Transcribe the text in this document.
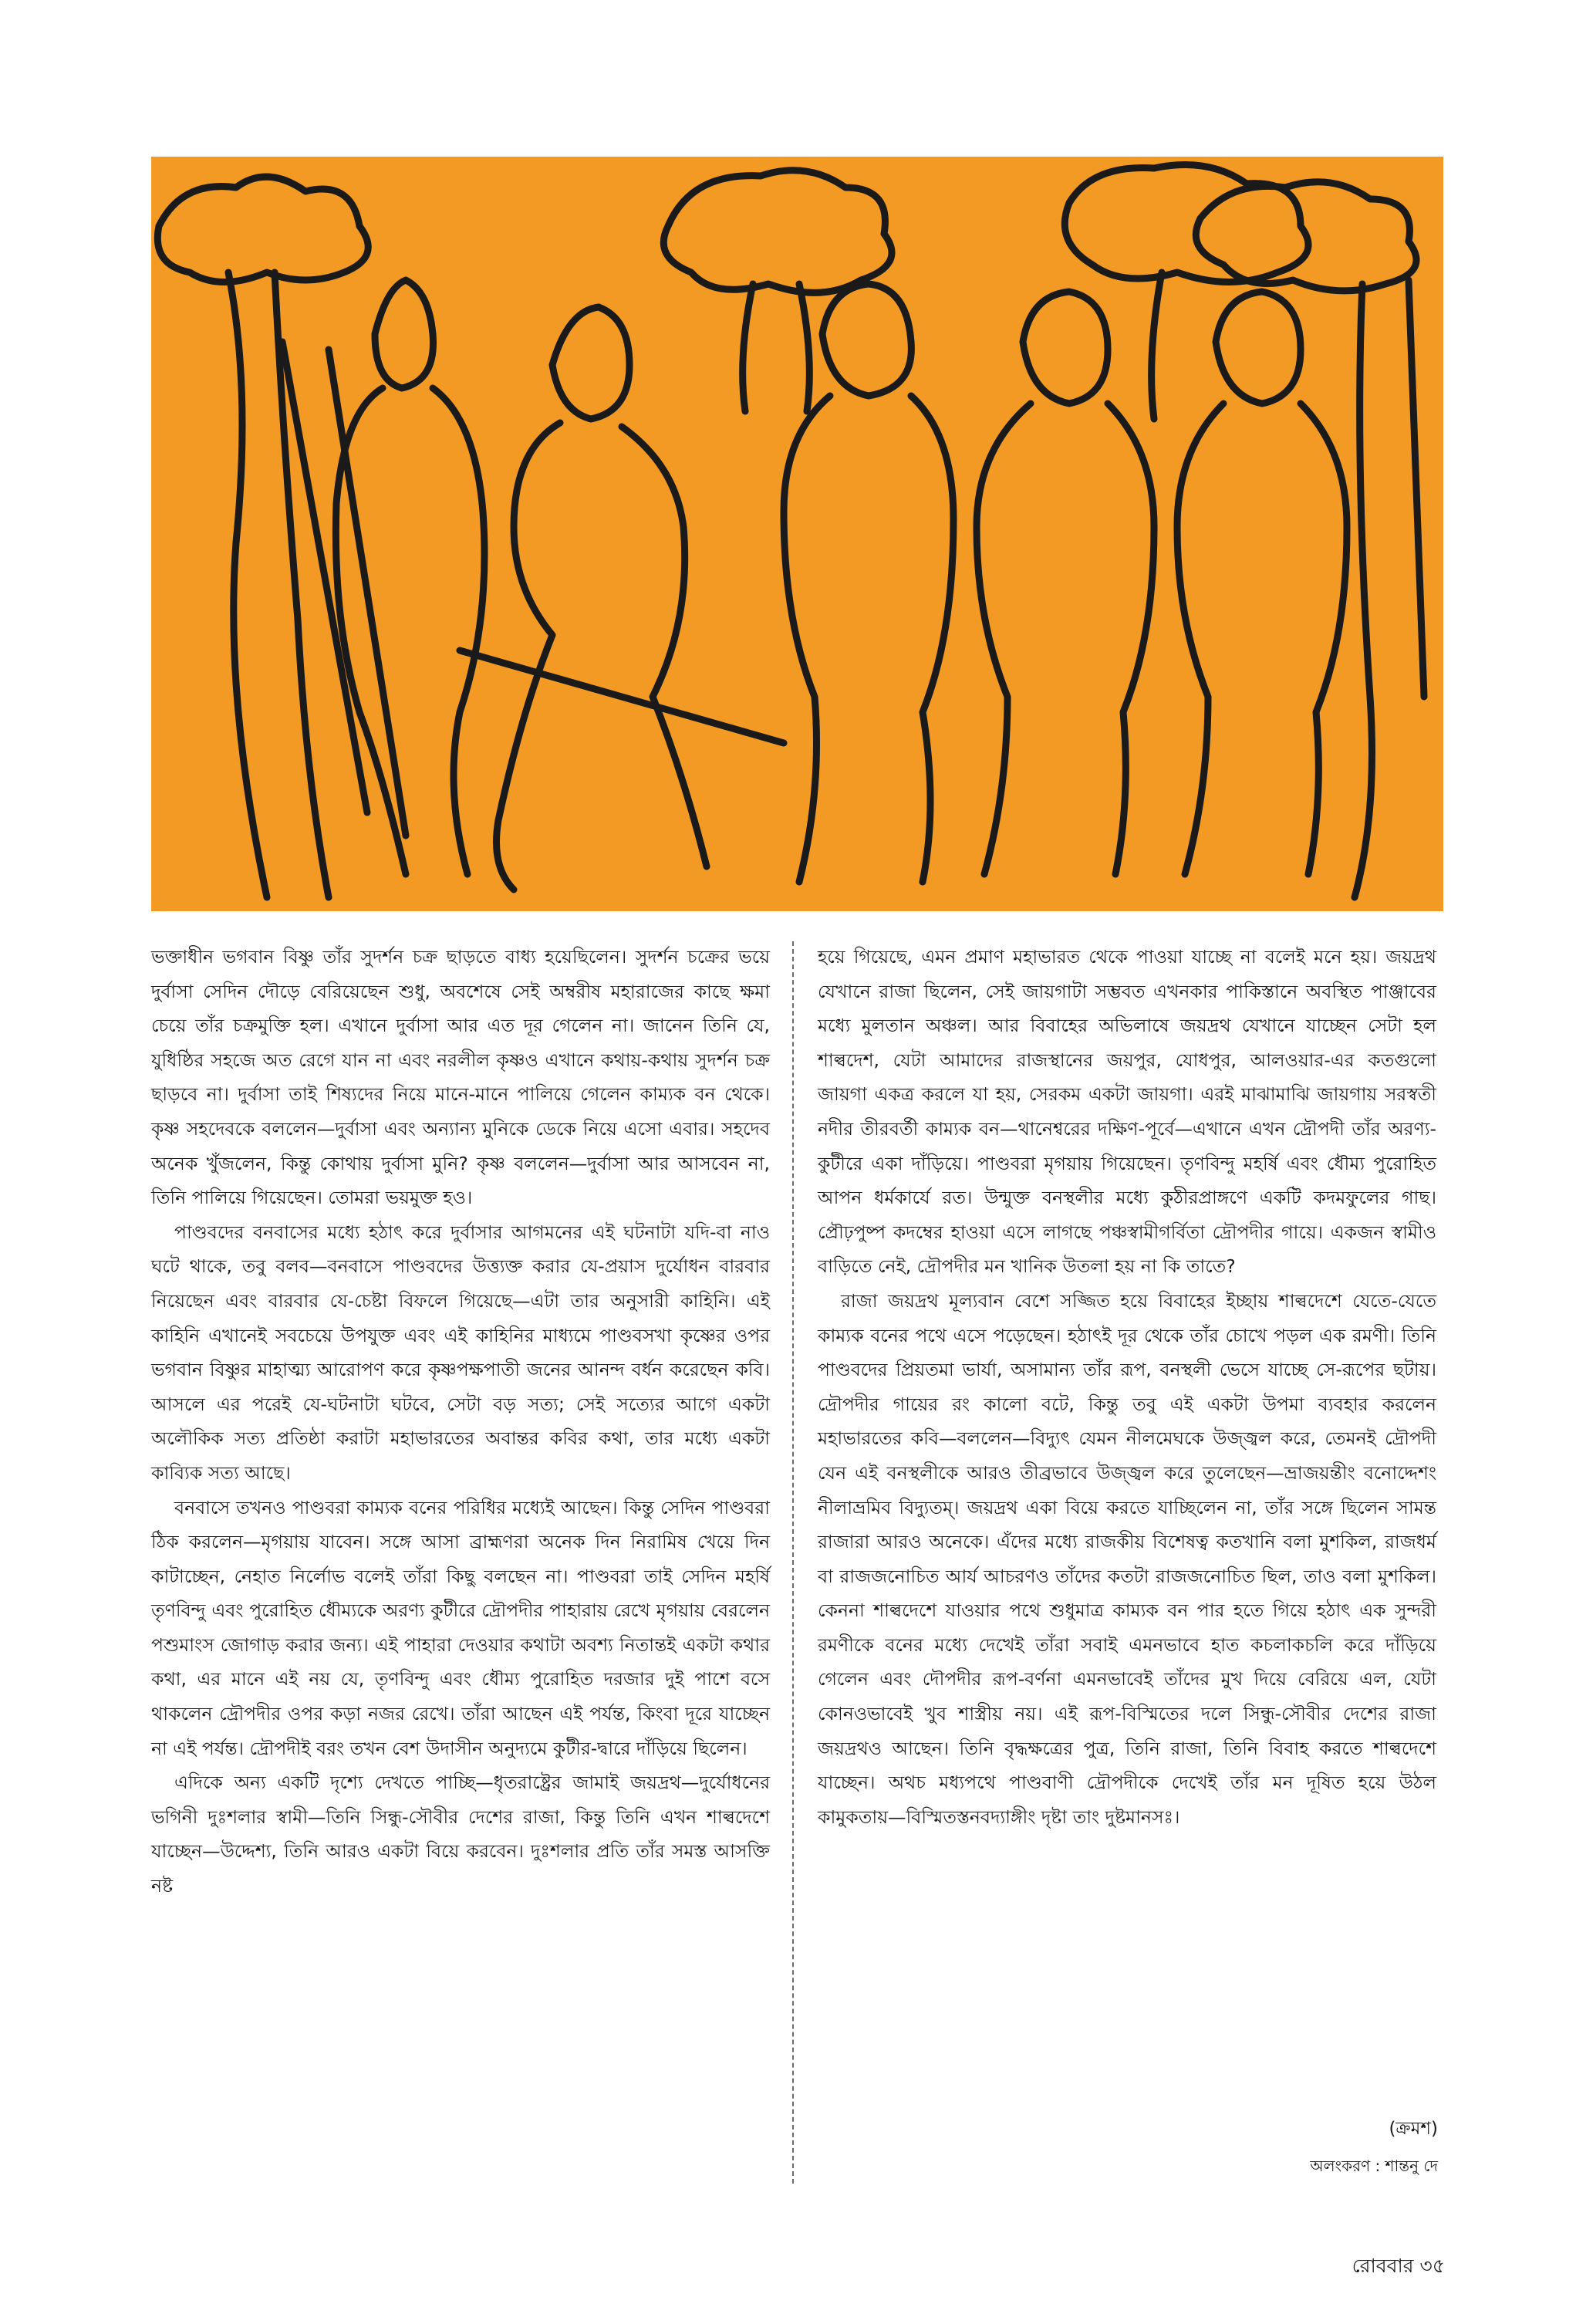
ভক্তাধীন ভগবান বিষ্ণু তাঁর সুদর্শন চক্র ছাড়তে বাধ্য হয়েছিলেন। সুদর্শন চক্রের ভয়ে দুর্বাসা সেদিন দৌড়ে বেরিয়েছেন শুধু, অবশেষে সেই অম্বরীষ মহারাজের কাছে ক্ষমা চেয়ে তাঁর চক্রমুক্তি হল। এখানে দুর্বাসা আর এত দূর গেলেন না। জানেন তিনি যে, যুধিষ্ঠির সহজে অত রেগে যান না এবং নরলীল কৃষ্ণও এখানে কথায়-কথায় সুদর্শন চক্র ছাড়বে না। দুর্বাসা তাই শিষ্যদের নিয়ে মানে-মানে পালিয়ে গেলেন কাম্যক বন থেকে। কৃষ্ণ সহদেবকে বললেন—দুর্বাসা এবং অন্যান্য মুনিকে ডেকে নিয়ে এসো এবার। সহদেব অনেক খুঁজলেন, কিন্তু কোথায় দুর্বাসা মুনি? কৃষ্ণ বললেন—দুর্বাসা আর আসবেন না, তিনি পালিয়ে গিয়েছেন। তোমরা ভয়মুক্ত হও।

পাণ্ডবদের বনবাসের মধ্যে হঠাৎ করে দুর্বাসার আগমনের এই ঘটনাটা যদি-বা নাও ঘটে থাকে, তবু বলব—বনবাসে পাণ্ডবদের উত্ত্যক্ত করার যে-প্রয়াস দুর্যোধন বারবার নিয়েছেন এবং বারবার যে-চেষ্টা বিফলে গিয়েছে—এটা তার অনুসারী কাহিনি। এই কাহিনি এখানেই সবচেয়ে উপযুক্ত এবং এই কাহিনির মাধ্যমে পাণ্ডবসখা কৃষ্ণের ওপর ভগবান বিষ্ণুর মাহাত্ম্য আরোপণ করে কৃষ্ণপক্ষপাতী জনের আনন্দ বর্ধন করেছেন কবি। আসলে এর পরেই যে-ঘটনাটা ঘটবে, সেটা বড় সত্য; সেই সত্যের আগে একটা অলৌকিক সত্য প্রতিষ্ঠা করাটা মহাভারতের অবান্তর কবির কথা, তার মধ্যে একটা কাব্যিক সত্য আছে।

বনবাসে তখনও পাণ্ডবরা কাম্যক বনের পরিধির মধ্যেই আছেন। কিন্তু সেদিন পাণ্ডবরা ঠিক করলেন—মৃগয়ায় যাবেন। সঙ্গে আসা ব্রাহ্মণরা অনেক দিন নিরামিষ খেয়ে দিন কাটাচ্ছেন, নেহাত নির্লোভ বলেই তাঁরা কিছু বলছেন না। পাণ্ডবরা তাই সেদিন মহর্ষি তৃণবিন্দু এবং পুরোহিত ধৌম্যকে অরণ্য কুটীরে দ্রৌপদীর পাহারায় রেখে মৃগয়ায় বেরলেন পশুমাংস জোগাড় করার জন্য। এই পাহারা দেওয়ার কথাটা অবশ্য নিতান্তই একটা কথার কথা, এর মানে এই নয় যে, তৃণবিন্দু এবং ধৌম্য পুরোহিত দরজার দুই পাশে বসে থাকলেন দ্রৌপদীর ওপর কড়া নজর রেখে। তাঁরা আছেন এই পর্যন্ত, কিংবা দূরে যাচ্ছেন না এই পর্যন্ত। দ্রৌপদীই বরং তখন বেশ উদাসীন অনুদ্যমে কুটীর-দ্বারে দাঁড়িয়ে ছিলেন।

এদিকে অন্য একটি দৃশ্যে দেখতে পাচ্ছি—ধৃতরাষ্ট্রের জামাই জয়দ্রথ—দুর্যোধনের ভগিনী দুঃশলার স্বামী—তিনি সিন্ধু-সৌবীর দেশের রাজা, কিন্তু তিনি এখন শাল্বদেশে যাচ্ছেন—উদ্দেশ্য, তিনি আরও একটা বিয়ে করবেন। দুঃশলার প্রতি তাঁর সমস্ত আসক্তি নষ্ট

হয়ে গিয়েছে, এমন প্রমাণ মহাভারত থেকে পাওয়া যাচ্ছে না বলেই মনে হয়। জয়দ্রথ যেখানে রাজা ছিলেন, সেই জায়গাটা সম্ভবত এখনকার পাকিস্তানে অবস্থিত পাঞ্জাবের মধ্যে মুলতান অঞ্চল। আর বিবাহের অভিলাষে জয়দ্রথ যেখানে যাচ্ছেন সেটা হল শাল্বদেশ, যেটা আমাদের রাজস্থানের জয়পুর, যোধপুর, আলওয়ার-এর কতগুলো জায়গা একত্র করলে যা হয়, সেরকম একটা জায়গা। এরই মাঝামাঝি জায়গায় সরস্বতী নদীর তীরবর্তী কাম্যক বন—থানেশ্বরের দক্ষিণ-পূর্বে—এখানে এখন দ্রৌপদী তাঁর অরণ্য-কুটীরে একা দাঁড়িয়ে। পাণ্ডবরা মৃগয়ায় গিয়েছেন। তৃণবিন্দু মহর্ষি এবং ধৌম্য পুরোহিত আপন ধর্মকার্যে রত। উন্মুক্ত বনস্থলীর মধ্যে কুঠীরপ্রাঙ্গণে একটি কদমফুলের গাছ। প্রৌঢ়পুষ্প কদম্বের হাওয়া এসে লাগছে পঞ্চস্বামীগর্বিতা দ্রৌপদীর গায়ে। একজন স্বামীও বাড়িতে নেই, দ্রৌপদীর মন খানিক উতলা হয় না কি তাতে?

রাজা জয়দ্রথ মূল্যবান বেশে সজ্জিত হয়ে বিবাহের ইচ্ছায় শাল্বদেশে যেতে-যেতে কাম্যক বনের পথে এসে পড়েছেন। হঠাৎই দূর থেকে তাঁর চোখে পড়ল এক রমণী। তিনি পাণ্ডবদের প্রিয়তমা ভার্যা, অসামান্য তাঁর রূপ, বনস্থলী ভেসে যাচ্ছে সে-রূপের ছটায়। দ্রৌপদীর গায়ের রং কালো বটে, কিন্তু তবু এই একটা উপমা ব্যবহার করলেন মহাভারতের কবি—বললেন—বিদ্যুৎ যেমন নীলমেঘকে উজ্জ্বল করে, তেমনই দ্রৌপদী যেন এই বনস্থলীকে আরও তীব্রভাবে উজ্জ্বল করে তুলেছেন—ভ্রাজয়ন্তীং বনোদ্দেশং নীলাভ্রমিব বিদ্যুতম্। জয়দ্রথ একা বিয়ে করতে যাচ্ছিলেন না, তাঁর সঙ্গে ছিলেন সামন্ত রাজারা আরও অনেকে। এঁদের মধ্যে রাজকীয় বিশেষত্ব কতখানি বলা মুশকিল, রাজধর্ম বা রাজজনোচিত আর্য আচরণও তাঁদের কতটা রাজজনোচিত ছিল, তাও বলা মুশকিল। কেননা শাল্বদেশে যাওয়ার পথে শুধুমাত্র কাম্যক বন পার হতে গিয়ে হঠাৎ এক সুন্দরী রমণীকে বনের মধ্যে দেখেই তাঁরা সবাই এমনভাবে হাত কচলাকচলি করে দাঁড়িয়ে গেলেন এবং দৌপদীর রূপ-বর্ণনা এমনভাবেই তাঁদের মুখ দিয়ে বেরিয়ে এল, যেটা কোনওভাবেই খুব শাস্ত্রীয় নয়। এই রূপ-বিস্মিতের দলে সিন্ধু-সৌবীর দেশের রাজা জয়দ্রথও আছেন। তিনি বৃদ্ধক্ষত্রের পুত্র, তিনি রাজা, তিনি বিবাহ করতে শাল্বদেশে যাচ্ছেন। অথচ মধ্যপথে পাণ্ডবাণী দ্রৌপদীকে দেখেই তাঁর মন দূষিত হয়ে উঠল কামুকতায়—বিস্মিতস্তনবদ্যাঙ্গীং দৃষ্টা তাং দুষ্টমানসঃ।

(ক্রমশ)
অলংকরণ : শান্তনু দে
রোববার ৩৫
